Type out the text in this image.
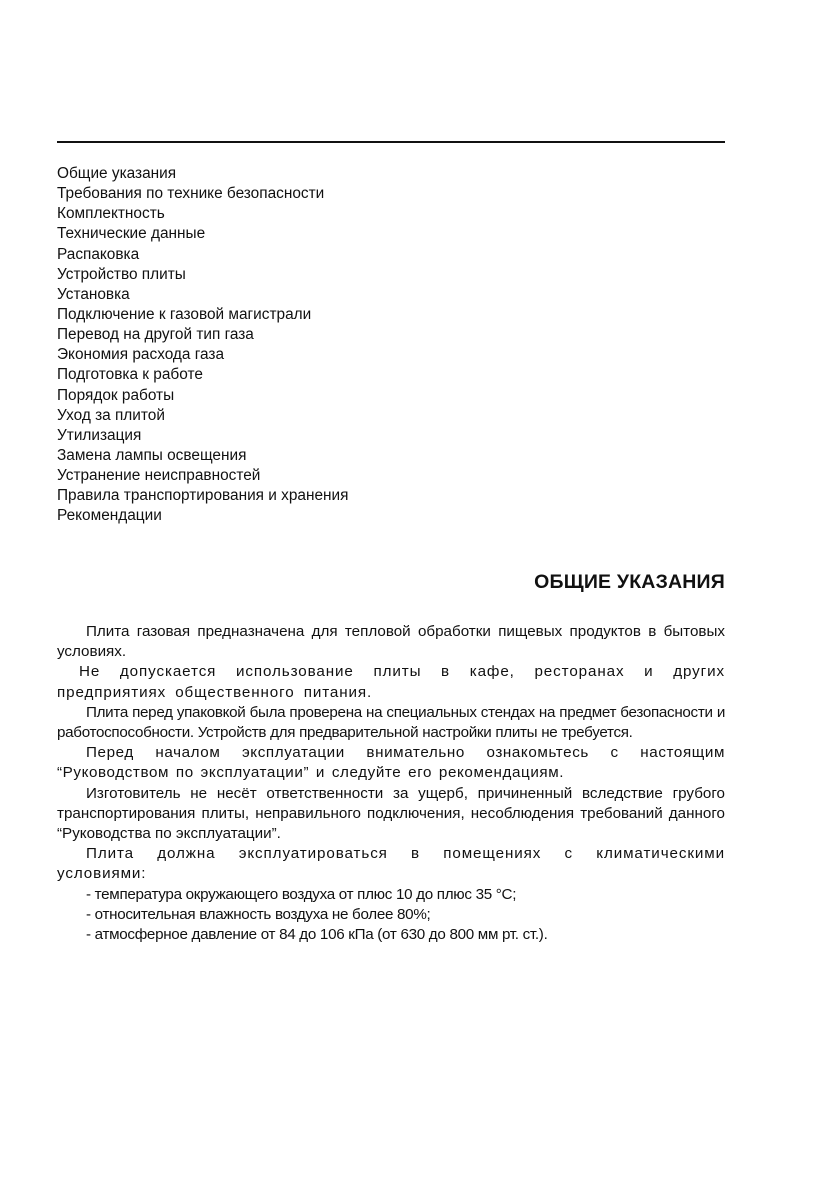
Общие указания
Требования по технике безопасности
Комплектность
Технические данные
Распаковка
Устройство плиты
Установка
Подключение к газовой магистрали
Перевод на другой тип газа
Экономия расхода газа
Подготовка к работе
Порядок работы
Уход за плитой
Утилизация
Замена лампы освещения
Устранение неисправностей
Правила транспортирования и хранения
Рекомендации
ОБЩИЕ УКАЗАНИЯ

Плита газовая предназначена для тепловой обработки пищевых продуктов в бытовых условиях.

Не допускается использование плиты в кафе, ресторанах и других предприятиях общественного питания.

Плита перед упаковкой была проверена на специальных стендах на предмет безопасности и работоспособности. Устройств для предварительной настройки плиты не требуется.

Перед началом эксплуатации внимательно ознакомьтесь с настоящим “Руководством по эксплуатации” и следуйте его рекомендациям.

Изготовитель не несёт ответственности за ущерб, причиненный вследствие грубого транспортирования плиты, неправильного подключения, несоблюдения требований данного “Руководства по эксплуатации”.

Плита должна эксплуатироваться в помещениях с климатическими условиями:

- температура окружающего воздуха от плюс 10 до плюс 35 °С;
- относительная влажность воздуха не более 80%;
- атмосферное давление от 84 до 106 кПа (от 630 до 800 мм рт. ст.).
